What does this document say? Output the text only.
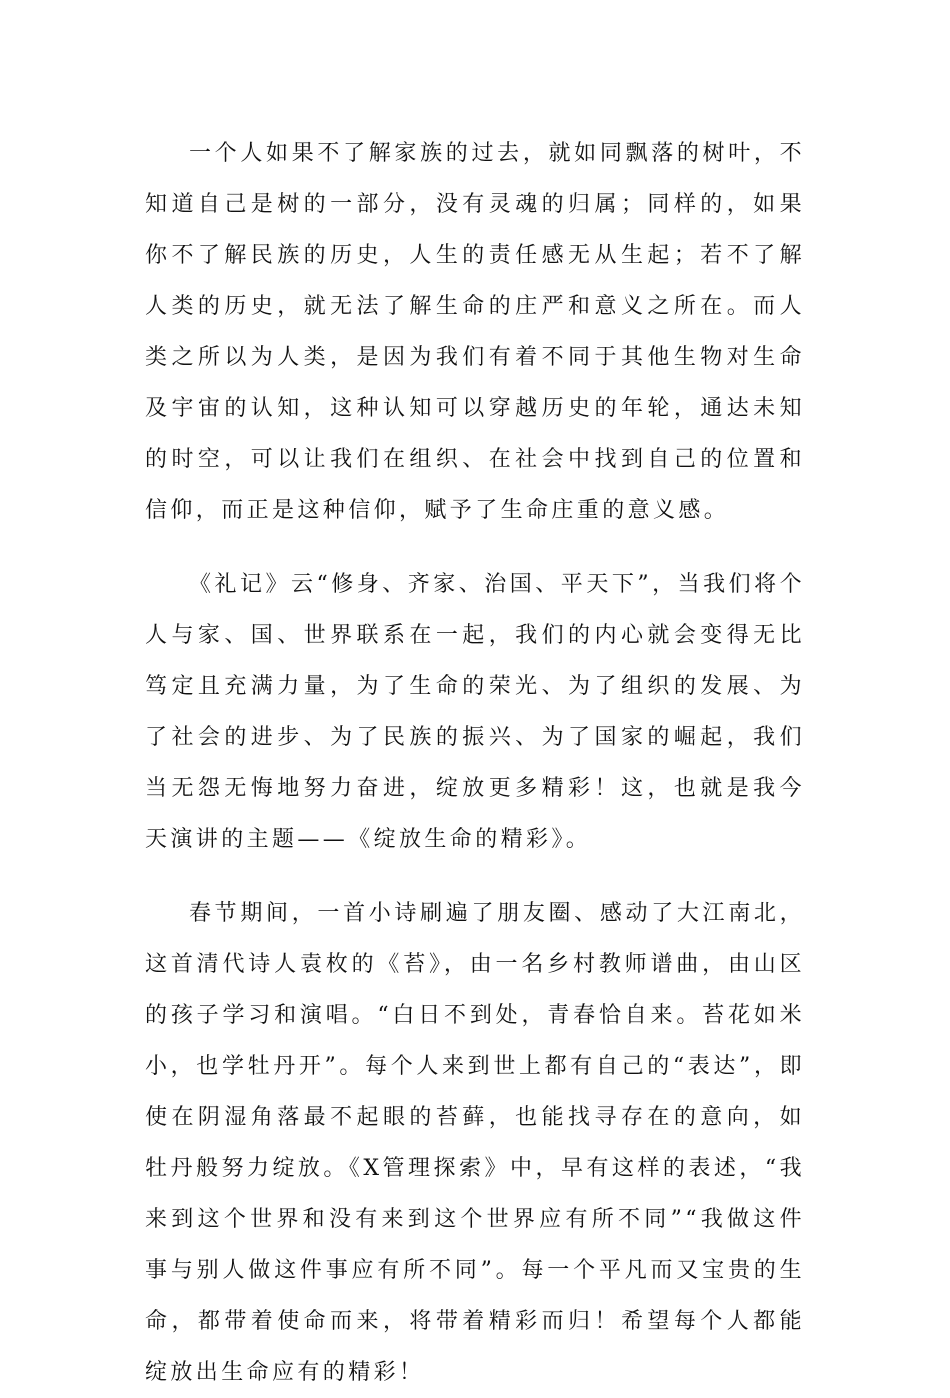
一个人如果不了解家族的过去，就如同飘落的树叶，不知道自己是树的一部分，没有灵魂的归属；同样的，如果你不了解民族的历史，人生的责任感无从生起；若不了解人类的历史，就无法了解生命的庄严和意义之所在。而人类之所以为人类，是因为我们有着不同于其他生物对生命及宇宙的认知，这种认知可以穿越历史的年轮，通达未知的时空，可以让我们在组织、在社会中找到自己的位置和信仰，而正是这种信仰，赋予了生命庄重的意义感。

《礼记》云“修身、齐家、治国、平天下”，当我们将个人与家、国、世界联系在一起，我们的内心就会变得无比笃定且充满力量，为了生命的荣光、为了组织的发展、为了社会的进步、为了民族的振兴、为了国家的崛起，我们当无怨无悔地努力奋进，绽放更多精彩！这，也就是我今天演讲的主题——《绽放生命的精彩》。

春节期间，一首小诗刷遍了朋友圈、感动了大江南北，这首清代诗人袁枚的《苔》，由一名乡村教师谱曲，由山区的孩子学习和演唱。“白日不到处，青春恰自来。苔花如米小，也学牡丹开”。每个人来到世上都有自己的“表达”，即使在阴湿角落最不起眼的苔藓，也能找寻存在的意向，如牡丹般努力绽放。《X管理探索》中，早有这样的表述，“我来到这个世界和没有来到这个世界应有所不同”“我做这件事与别人做这件事应有所不同”。每一个平凡而又宝贵的生命，都带着使命而来，将带着精彩而归！希望每个人都能绽放出生命应有的精彩！
